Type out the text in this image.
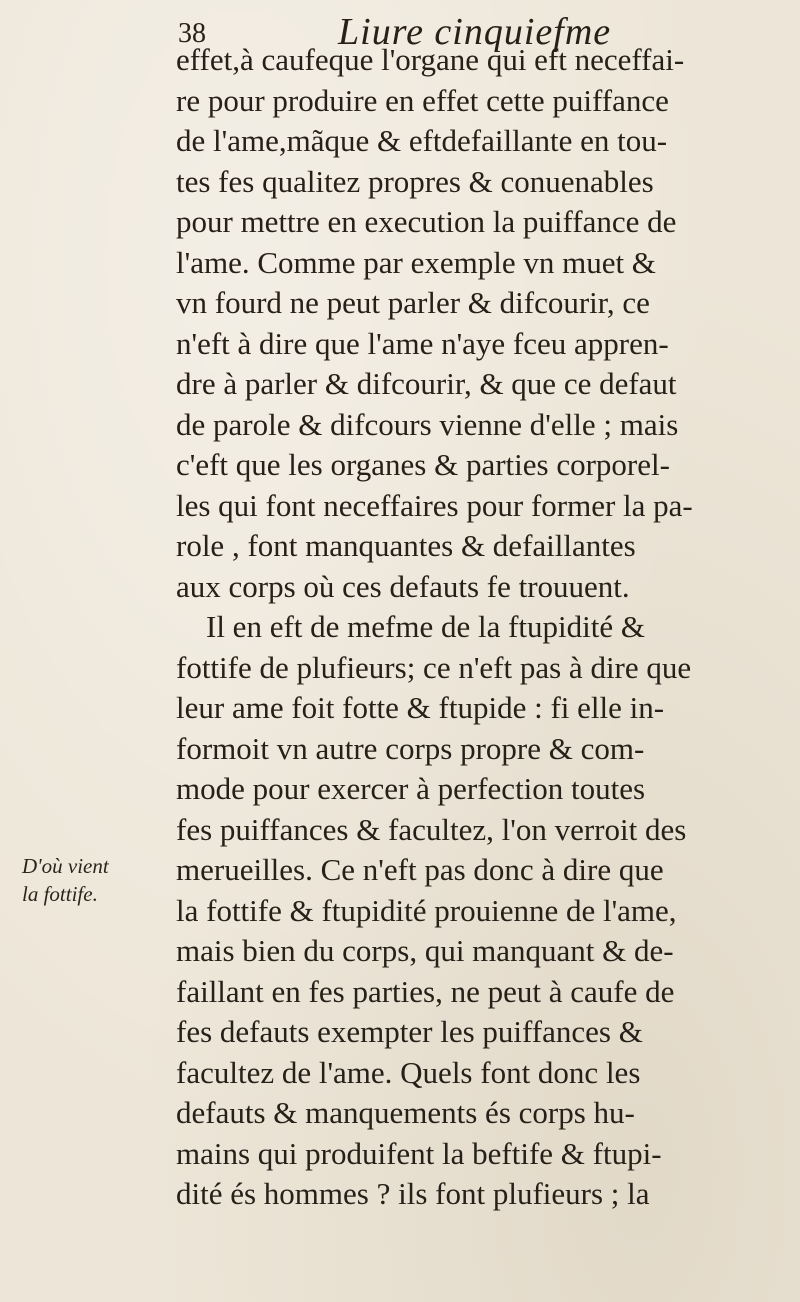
38	Liure cinquiefme
effet,à caufeque l'organe qui eft neceffai-
re pour produire en effet cette puiffance
de l'ame,mãque & eftdefaillante en tou-
tes fes qualitez propres & conuenables
pour mettre en execution la puiffance de
l'ame. Comme par exemple vn muet &
vn fourd ne peut parler & difcourir, ce
n'eft à dire que l'ame n'aye fceu appren-
dre à parler & difcourir, & que ce defaut
de parole & difcours vienne d'elle ; mais
c'eft que les organes & parties corporel-
les qui font neceffaires pour former la pa-
role , font manquantes & defaillantes
aux corps où ces defauts fe trouuent.
Il en eft de mefme de la ftupidité &
fottife de plufieurs; ce n'eft pas à dire que
leur ame foit fotte & ftupide : fi elle in-
formoit vn autre corps propre & com-
mode pour exercer à perfection toutes
fes puiffances & facultez, l'on verroit des
merueilles. Ce n'eft pas donc à dire que
la fottife & ftupidité prouienne de l'ame,
mais bien du corps, qui manquant & de-
faillant en fes parties, ne peut à caufe de
fes defauts exempter les puiffances &
facultez de l'ame. Quels font donc les
defauts & manquements és corps hu-
mains qui produifent la beftife & ftupi-
dité és hommes ? ils font plufieurs ; la
D'où vient
la fottife.
